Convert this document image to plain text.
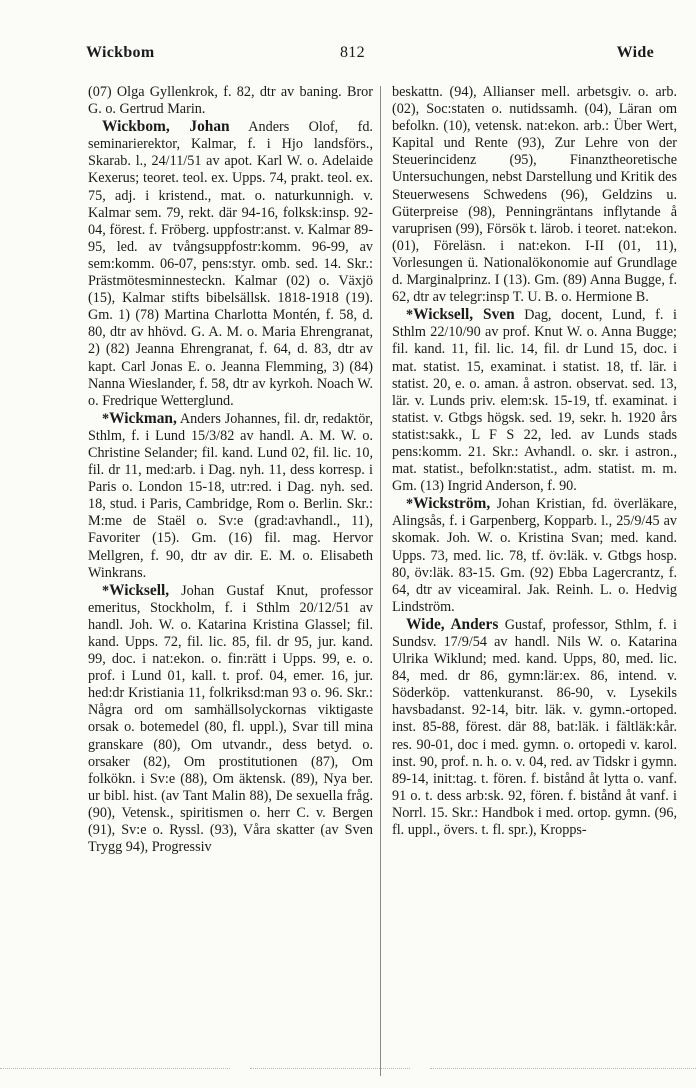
Wickbom	812	Wide

(07) Olga Gyllenkrok, f. 82, dtr av baning. Bror G. o. Gertrud Marin.

Wickbom, Johan Anders Olof, fd. seminarierektor, Kalmar, f. i Hjo landsförs., Skarab. l., 24/11/51 av apot. Karl W. o. Adelaide Kexerus; teoret. teol. ex. Upps. 74, prakt. teol. ex. 75, adj. i kristend., mat. o. naturkunnigh. v. Kalmar sem. 79, rekt. där 94-16, folksk:insp. 92-04, förest. f. Fröberg. uppfostr:anst. v. Kalmar 89-95, led. av tvångsuppfostr:komm. 96-99, av sem:komm. 06-07, pens:styr. omb. sed. 14. Skr.: Prästmötesminnesteckn. Kalmar (02) o. Växjö (15), Kalmar stifts bibelsällsk. 1818-1918 (19). Gm. 1) (78) Martina Charlotta Montén, f. 58, d. 80, dtr av hhövd. G. A. M. o. Maria Ehrengranat, 2) (82) Jeanna Ehrengranat, f. 64, d. 83, dtr av kapt. Carl Jonas E. o. Jeanna Flemming, 3) (84) Nanna Wieslander, f. 58, dtr av kyrkoh. Noach W. o. Fredrique Wetterglund.

*Wickman, Anders Johannes, fil. dr, redaktör, Sthlm, f. i Lund 15/3/82 av handl. A. M. W. o. Christine Selander; fil. kand. Lund 02, fil. lic. 10, fil. dr 11, med:arb. i Dag. nyh. 11, dess korresp. i Paris o. London 15-18, utr:red. i Dag. nyh. sed. 18, stud. i Paris, Cambridge, Rom o. Berlin. Skr.: M:me de Staël o. Sv:e (grad:avhandl., 11), Favoriter (15). Gm. (16) fil. mag. Hervor Mellgren, f. 90, dtr av dir. E. M. o. Elisabeth Winkrans.

*Wicksell, Johan Gustaf Knut, professor emeritus, Stockholm, f. i Sthlm 20/12/51 av handl. Joh. W. o. Katarina Kristina Glassel; fil. kand. Upps. 72, fil. lic. 85, fil. dr 95, jur. kand. 99, doc. i nat:ekon. o. fin:rätt i Upps. 99, e. o. prof. i Lund 01, kall. t. prof. 04, emer. 16, jur. hed:dr Kristiania 11, folkriksd:man 93 o. 96. Skr.: Några ord om samhällsolyckornas viktigaste orsak o. botemedel (80, fl. uppl.), Svar till mina granskare (80), Om utvandr., dess betyd. o. orsaker (82), Om prostitutionen (87), Om folkökn. i Sv:e (88), Om äktensk. (89), Nya ber. ur bibl. hist. (av Tant Malin 88), De sexuella fråg. (90), Vetensk., spiritismen o. herr C. v. Bergen (91), Sv:e o. Ryssl. (93), Våra skatter (av Sven Trygg 94), Progressiv

beskattn. (94), Allianser mell. arbetsgiv. o. arb. (02), Soc:staten o. nutidssamh. (04), Läran om befolkn. (10), vetensk. nat:ekon. arb.: Über Wert, Kapital und Rente (93), Zur Lehre von der Steuerincidenz (95), Finanztheoretische Untersuchungen, nebst Darstellung und Kritik des Steuerwesens Schwedens (96), Geldzins u. Güterpreise (98), Penningräntans inflytande å varuprisen (99), Försök t. lärob. i teoret. nat:ekon. (01), Föreläsn. i nat:ekon. I-II (01, 11), Vorlesungen ü. Nationalökonomie auf Grundlage d. Marginalprinz. I (13). Gm. (89) Anna Bugge, f. 62, dtr av telegr:insp T. U. B. o. Hermione B.

*Wicksell, Sven Dag, docent, Lund, f. i Sthlm 22/10/90 av prof. Knut W. o. Anna Bugge; fil. kand. 11, fil. lic. 14, fil. dr Lund 15, doc. i mat. statist. 15, examinat. i statist. 18, tf. lär. i statist. 20, e. o. aman. å astron. observat. sed. 13, lär. v. Lunds priv. elem:sk. 15-19, tf. examinat. i statist. v. Gtbgs högsk. sed. 19, sekr. h. 1920 års statist:sakk., L F S 22, led. av Lunds stads pens:komm. 21. Skr.: Avhandl. o. skr. i astron., mat. statist., befolkn:statist., adm. statist. m. m. Gm. (13) Ingrid Anderson, f. 90.

*Wickström, Johan Kristian, fd. överläkare, Alingsås, f. i Garpenberg, Kopparb. l., 25/9/45 av skomak. Joh. W. o. Kristina Svan; med. kand. Upps. 73, med. lic. 78, tf. öv:läk. v. Gtbgs hosp. 80, öv:läk. 83-15. Gm. (92) Ebba Lagercrantz, f. 64, dtr av viceamiral. Jak. Reinh. L. o. Hedvig Lindström.

Wide, Anders Gustaf, professor, Sthlm, f. i Sundsv. 17/9/54 av handl. Nils W. o. Katarina Ulrika Wiklund; med. kand. Upps, 80, med. lic. 84, med. dr 86, gymn:lär:ex. 86, intend. v. Söderköp. vattenkuranst. 86-90, v. Lysekils havsbadanst. 92-14, bitr. läk. v. gymn.-ortoped. inst. 85-88, förest. där 88, bat:läk. i fältläk:kår. res. 90-01, doc i med. gymn. o. ortopedi v. karol. inst. 90, prof. n. h. o. v. 04, red. av Tidskr i gymn. 89-14, init:tag. t. fören. f. bistånd åt lytta o. vanf. 91 o. t. dess arb:sk. 92, fören. f. bistånd åt vanf. i Norrl. 15. Skr.: Handbok i med. ortop. gymn. (96, fl. uppl., övers. t. fl. spr.), Kropps-
